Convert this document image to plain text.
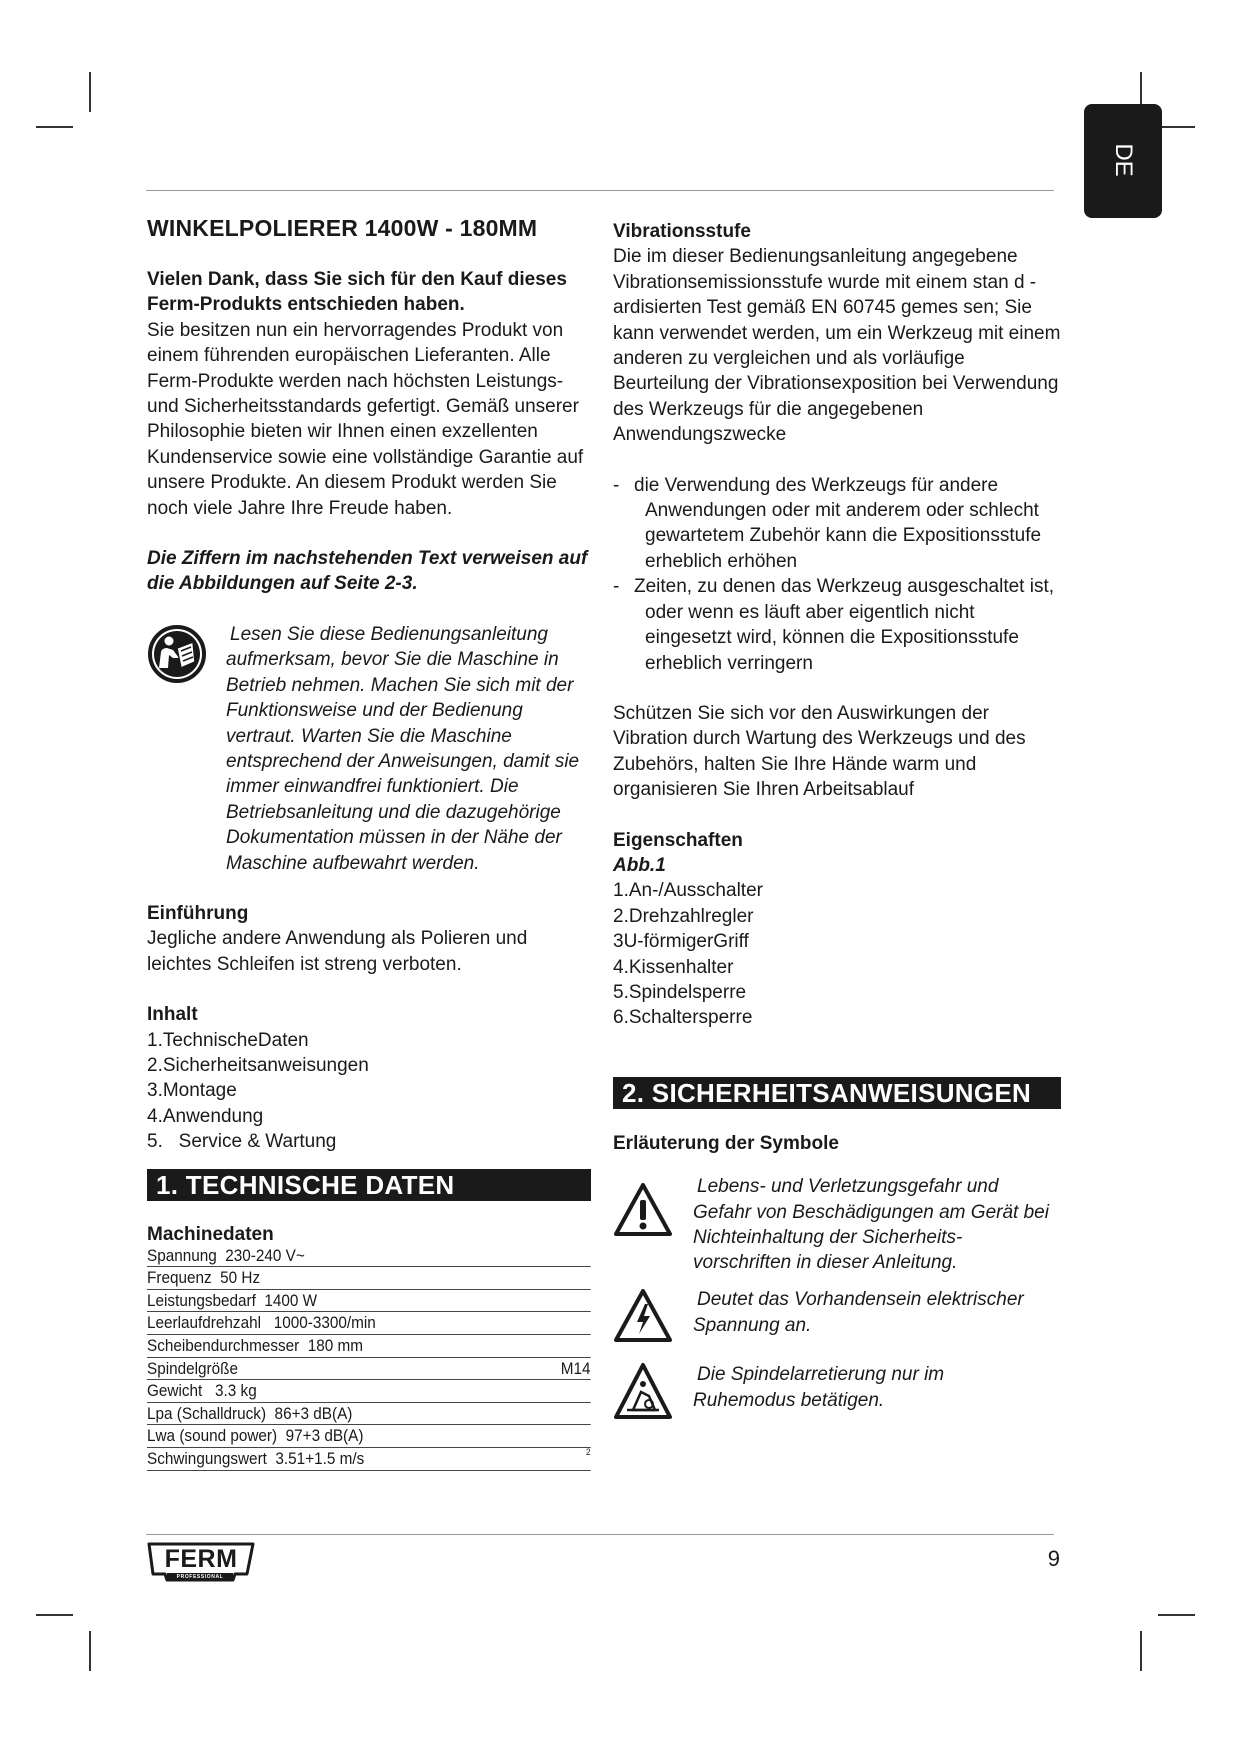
DE
WINKELPOLIERER 1400W - 180MM

Vielen Dank, dass Sie sich für den Kauf dieses Ferm-Produkts entschieden haben.

Sie besitzen nun ein hervorragendes Produkt von einem führenden europäischen Lieferanten. Alle Ferm-Produkte werden nach höchsten Leistungs- und Sicherheitsstandards gefertigt. Gemäß unserer Philosophie bieten wir Ihnen einen exzellenten Kundenservice sowie eine vollständige Garantie auf unsere Produkte. An diesem Produkt werden Sie noch viele Jahre Ihre Freude haben.

Die Ziffern im nachstehenden Text verweisen auf die Abbildungen auf Seite 2-3.

Lesen Sie diese Bedienungsanleitung aufmerksam, bevor Sie die Maschine in Betrieb nehmen. Machen Sie sich mit der Funktionsweise und der Bedienung vertraut. Warten Sie die Maschine entsprechend der Anweisungen, damit sie immer einwandfrei funktioniert. Die Betriebsanleitung und die dazugehörige Dokumentation müssen in der Nähe der Maschine aufbewahrt werden.

Einführung

Jegliche andere Anwendung als Polieren und leichtes Schleifen ist streng verboten.

Inhalt

1.TechnischeDaten

2.Sicherheitsanweisungen

3.Montage

4.Anwendung

5.   Service & Wartung

1. TECHNISCHE DATEN

Machinedaten

Spannung  230-240 V~
Frequenz  50 Hz
Leistungsbedarf  1400 W
Leerlaufdrehzahl   1000-3300/min
Scheibendurchmesser  180 mm
Spindelgröße	M14
Gewicht   3.3 kg
Lpa (Schalldruck)  86+3 dB(A)
Lwa (sound power)  97+3 dB(A)
Schwingungswert  3.51+1.5 m/s	2

Vibrationsstufe

Die im dieser Bedienungsanleitung angegebene Vibrationsemissionsstufe wurde mit einem stan d - ardisierten Test gemäß EN 60745 gemes sen; Sie kann verwendet werden, um ein Werkzeug mit einem anderen zu vergleichen und als vorläufige Beurteilung der Vibrationsexposition bei Verwendung des Werkzeugs für die angegebenen Anwendungszwecke

- die Verwendung des Werkzeugs für andere Anwendungen oder mit anderem oder schlecht gewartetem Zubehör kann die Expositionsstufe erheblich erhöhen

- Zeiten, zu denen das Werkzeug ausgeschaltet ist, oder wenn es läuft aber eigentlich nicht eingesetzt wird, können die Expositionsstufe erheblich verringern

Schützen Sie sich vor den Auswirkungen der Vibration durch Wartung des Werkzeugs und des Zubehörs, halten Sie Ihre Hände warm und organisieren Sie Ihren Arbeitsablauf

Eigenschaften

Abb.1

1.An-/Ausschalter

2.Drehzahlregler

3U-förmigerGriff

4.Kissenhalter

5.Spindelsperre

6.Schaltersperre

2. SICHERHEITSANWEISUNGEN

Erläuterung der Symbole

Lebens- und Verletzungsgefahr und Gefahr von Beschädigungen am Gerät bei Nichteinhaltung der Sicherheits- vorschriften in dieser Anleitung.

Deutet das Vorhandensein elektrischer Spannung an.

Die Spindelarretierung nur im Ruhemodus betätigen.

FERM
PROFESSIONAL
9
